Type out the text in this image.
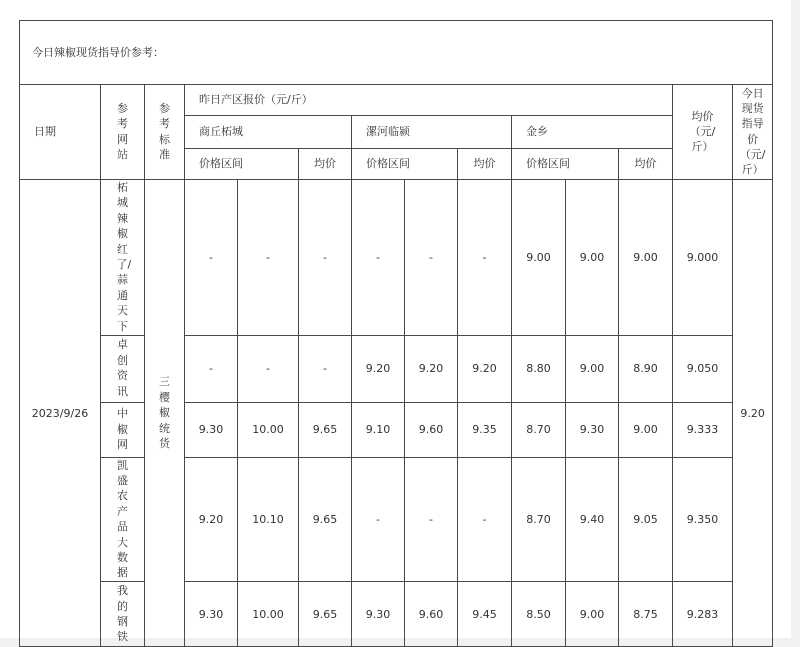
今日辣椒现货指导价参考：													
日期	参考网站	参考标准	昨日产区报价（元/斤）									均价（元/斤）	今日现货指导价（元/斤）
			商丘柘城			漯河临颍			金乡				
			价格区间		均价	价格区间		均价	价格区间		均价		
2023/9/26	柘城辣椒红了/蒜通天下	三樱椒统货	-	-	-	-	-	-	9.00	9.00	9.00	9.000	9.20
	卓创资讯		-	-	-	9.20	9.20	9.20	8.80	9.00	8.90	9.050	
	中椒网		9.30	10.00	9.65	9.10	9.60	9.35	8.70	9.30	9.00	9.333	
	凯盛农产品大数据		9.20	10.10	9.65	-	-	-	8.70	9.40	9.05	9.350	
	我的钢铁		9.30	10.00	9.65	9.30	9.60	9.45	8.50	9.00	8.75	9.283	
